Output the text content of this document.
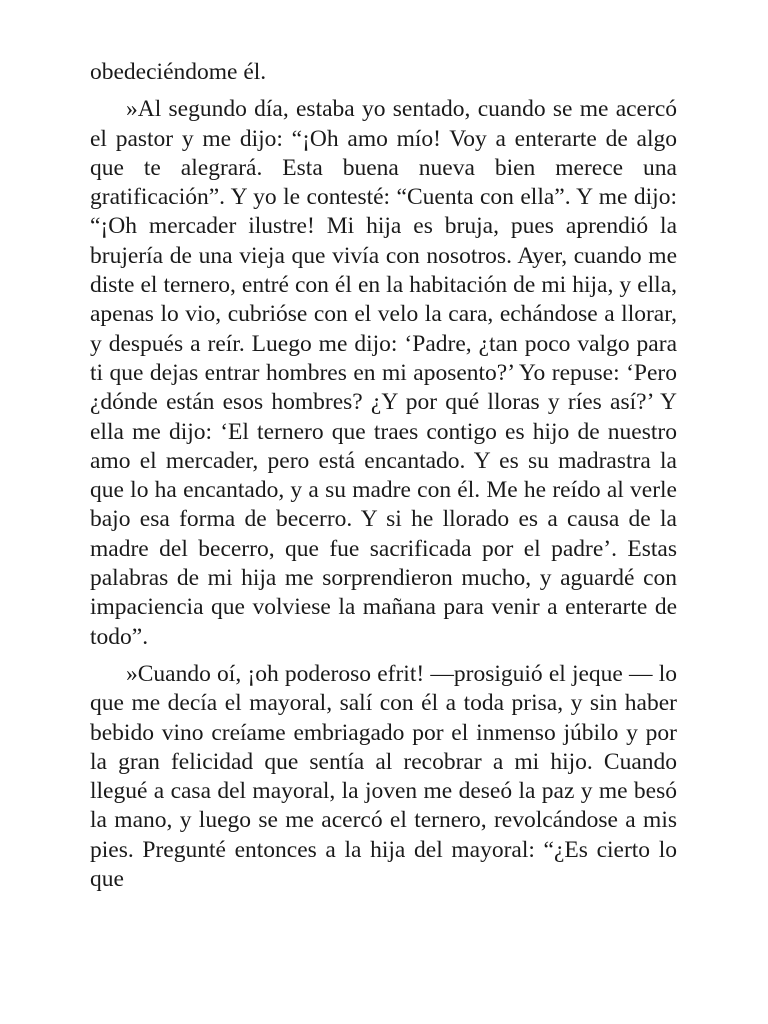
obedeciéndome él.

»Al segundo día, estaba yo sentado, cuando se me acercó el pastor y me dijo: “¡Oh amo mío! Voy a enterarte de algo que te alegrará. Esta buena nueva bien merece una gratificación”. Y yo le contesté: “Cuenta con ella”. Y me dijo: “¡Oh mercader ilustre! Mi hija es bruja, pues aprendió la brujería de una vieja que vivía con nosotros. Ayer, cuando me diste el ternero, entré con él en la habitación de mi hija, y ella, apenas lo vio, cubrióse con el velo la cara, echándose a llorar, y después a reír. Luego me dijo: ‘Padre, ¿tan poco valgo para ti que dejas entrar hombres en mi aposento?’ Yo repuse: ‘Pero ¿dónde están esos hombres? ¿Y por qué lloras y ríes así?’ Y ella me dijo: ‘El ternero que traes contigo es hijo de nuestro amo el mercader, pero está encantado. Y es su madrastra la que lo ha encantado, y a su madre con él. Me he reído al verle bajo esa forma de becerro. Y si he llorado es a causa de la madre del becerro, que fue sacrificada por el padre’. Estas palabras de mi hija me sorprendieron mucho, y aguardé con impaciencia que volviese la mañana para venir a enterarte de todo”.

»Cuando oí, ¡oh poderoso efrit! —prosiguió el jeque — lo que me decía el mayoral, salí con él a toda prisa, y sin haber bebido vino creíame embriagado por el inmenso júbilo y por la gran felicidad que sentía al recobrar a mi hijo. Cuando llegué a casa del mayoral, la joven me deseó la paz y me besó la mano, y luego se me acercó el ternero, revolcándose a mis pies. Pregunté entonces a la hija del mayoral: “¿Es cierto lo que
